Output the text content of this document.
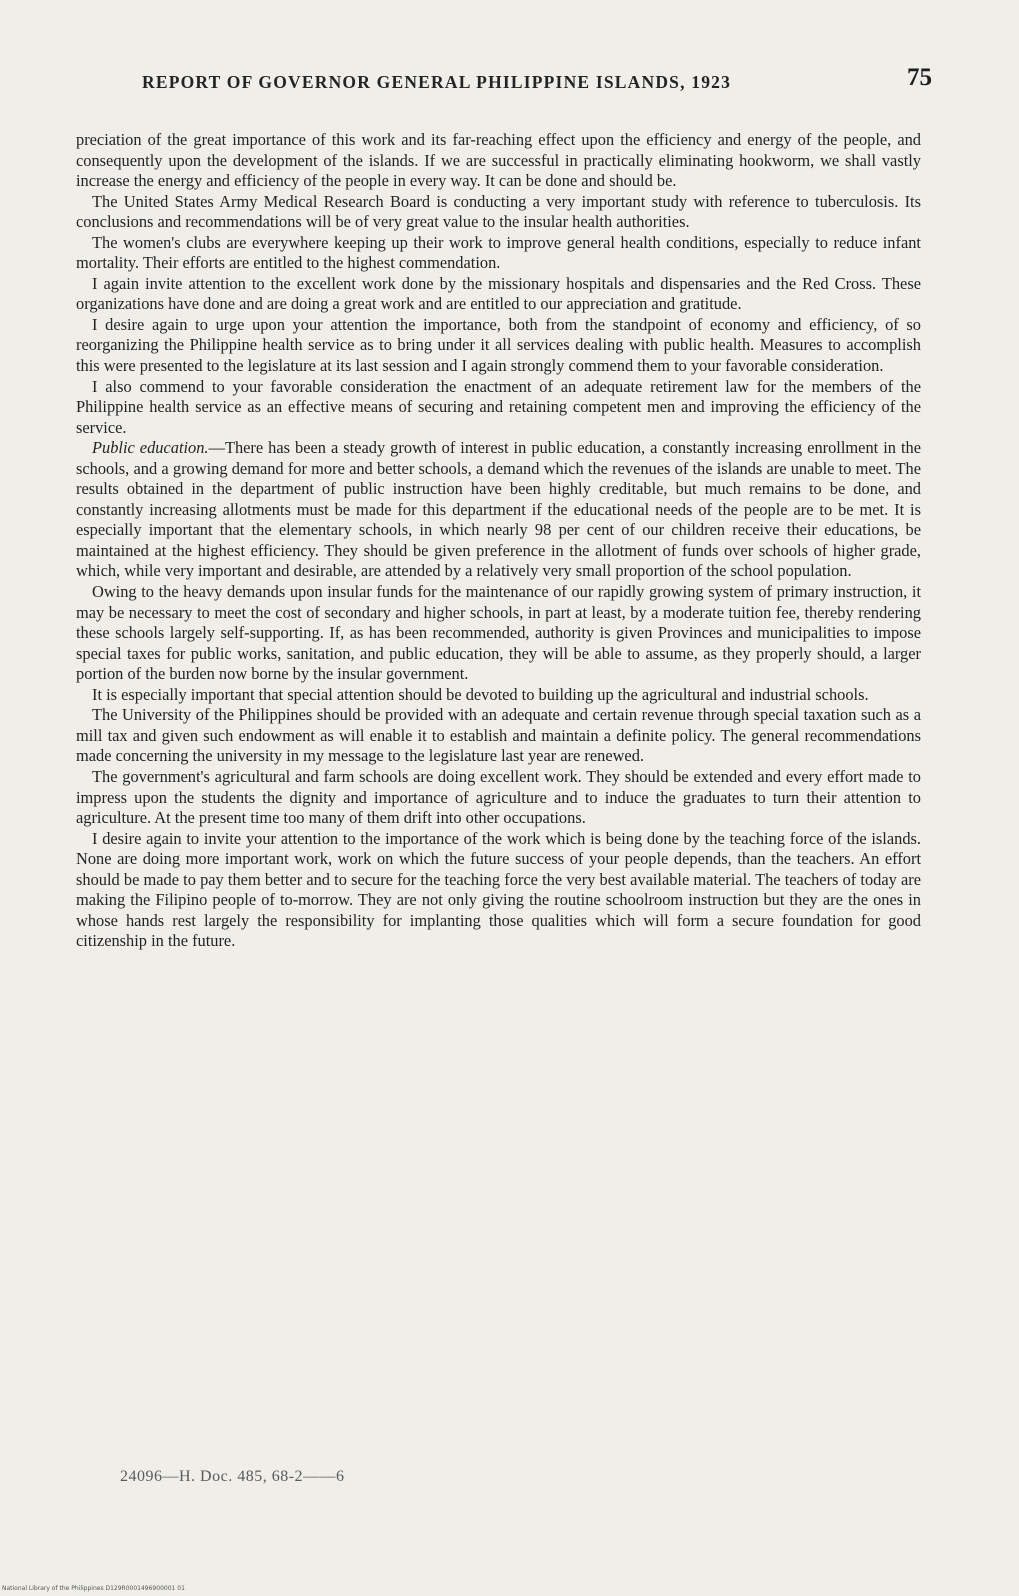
REPORT OF GOVERNOR GENERAL PHILIPPINE ISLANDS, 1923	75

preciation of the great importance of this work and its far-reaching effect upon the efficiency and energy of the people, and consequently upon the development of the islands. If we are successful in practically eliminating hookworm, we shall vastly increase the energy and efficiency of the people in every way. It can be done and should be.

The United States Army Medical Research Board is conducting a very important study with reference to tuberculosis. Its conclusions and recommendations will be of very great value to the insular health authorities.

The women's clubs are everywhere keeping up their work to improve general health conditions, especially to reduce infant mortality. Their efforts are entitled to the highest commendation.

I again invite attention to the excellent work done by the missionary hospitals and dispensaries and the Red Cross. These organizations have done and are doing a great work and are entitled to our appreciation and gratitude.

I desire again to urge upon your attention the importance, both from the standpoint of economy and efficiency, of so reorganizing the Philippine health service as to bring under it all services dealing with public health. Measures to accomplish this were presented to the legislature at its last session and I again strongly commend them to your favorable consideration.

I also commend to your favorable consideration the enactment of an adequate retirement law for the members of the Philippine health service as an effective means of securing and retaining competent men and improving the efficiency of the service.

Public education.—There has been a steady growth of interest in public education, a constantly increasing enrollment in the schools, and a growing demand for more and better schools, a demand which the revenues of the islands are unable to meet. The results obtained in the department of public instruction have been highly creditable, but much remains to be done, and constantly increasing allotments must be made for this department if the educational needs of the people are to be met. It is especially important that the elementary schools, in which nearly 98 per cent of our children receive their educations, be maintained at the highest efficiency. They should be given preference in the allotment of funds over schools of higher grade, which, while very important and desirable, are attended by a relatively very small proportion of the school population.

Owing to the heavy demands upon insular funds for the maintenance of our rapidly growing system of primary instruction, it may be necessary to meet the cost of secondary and higher schools, in part at least, by a moderate tuition fee, thereby rendering these schools largely self-supporting. If, as has been recommended, authority is given Provinces and municipalities to impose special taxes for public works, sanitation, and public education, they will be able to assume, as they properly should, a larger portion of the burden now borne by the insular government.

It is especially important that special attention should be devoted to building up the agricultural and industrial schools.

The University of the Philippines should be provided with an adequate and certain revenue through special taxation such as a mill tax and given such endowment as will enable it to establish and maintain a definite policy. The general recommendations made concerning the university in my message to the legislature last year are renewed.

The government's agricultural and farm schools are doing excellent work. They should be extended and every effort made to impress upon the students the dignity and importance of agriculture and to induce the graduates to turn their attention to agriculture. At the present time too many of them drift into other occupations.

I desire again to invite your attention to the importance of the work which is being done by the teaching force of the islands. None are doing more important work, work on which the future success of your people depends, than the teachers. An effort should be made to pay them better and to secure for the teaching force the very best available material. The teachers of today are making the Filipino people of to-morrow. They are not only giving the routine schoolroom instruction but they are the ones in whose hands rest largely the responsibility for implanting those qualities which will form a secure foundation for good citizenship in the future.

24096—H. Doc. 485, 68-2——6
National Library of the Philippines D129R0001496900001 01
